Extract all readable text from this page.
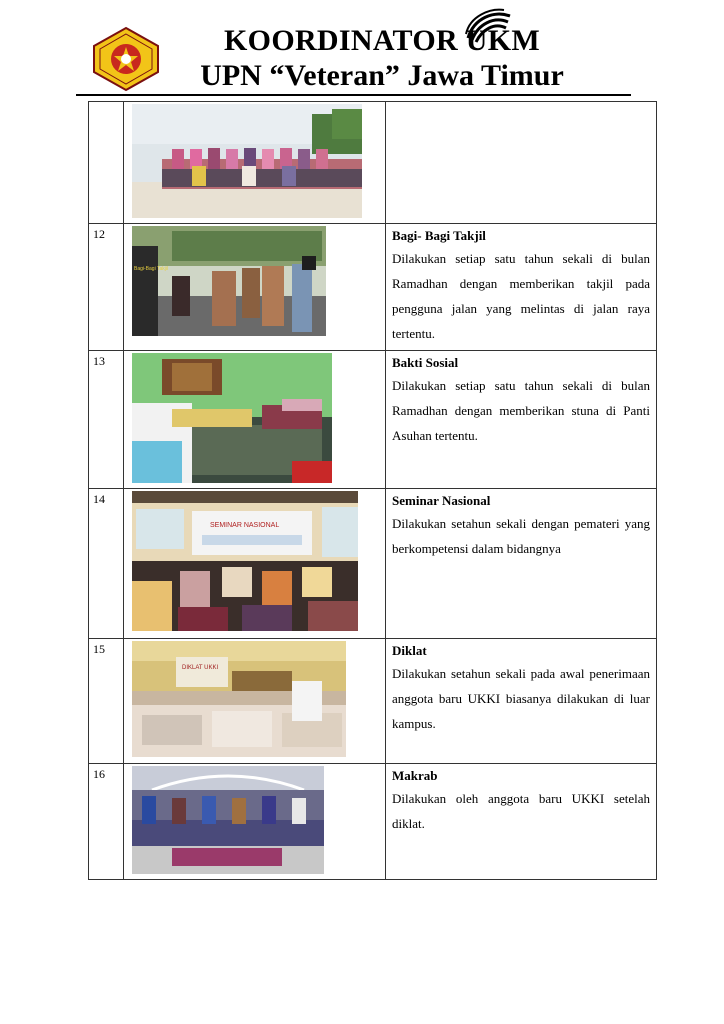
KOORDINATOR UKM
UPN “Veteran” Jawa Timur

12	Bagi-Bagi Takjil	Bagi- Bagi Takjil
Dilakukan setiap satu tahun sekali di bulan Ramadhan dengan memberikan takjil pada pengguna jalan yang melintas di jalan raya tertentu.

13		Bakti Sosial
Dilakukan setiap satu tahun sekali di bulan Ramadhan dengan memberikan stuna di Panti Asuhan tertentu.

14	SEMINAR NASIONAL	Seminar Nasional
Dilakukan setahun sekali dengan pemateri yang berkompetensi dalam bidangnya

15	DIKLAT UKKI	Diklat
Dilakukan setahun sekali pada awal penerimaan anggota baru UKKI biasanya dilakukan di luar kampus.

16		Makrab
Dilakukan oleh anggota baru UKKI setelah diklat.
